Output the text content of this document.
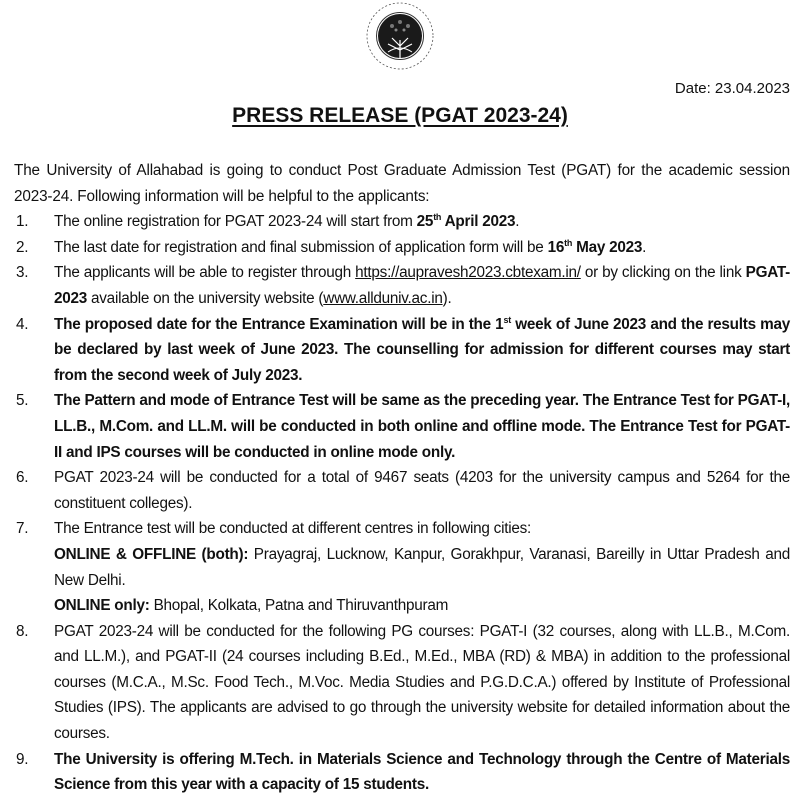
Date: 23.04.2023
PRESS RELEASE (PGAT 2023-24)

The University of Allahabad is going to conduct Post Graduate Admission Test (PGAT) for the academic session 2023-24. Following information will be helpful to the applicants:

1. The online registration for PGAT 2023-24 will start from 25th April 2023.
2. The last date for registration and final submission of application form will be 16th May 2023.
3. The applicants will be able to register through https://aupravesh2023.cbtexam.in/ or by clicking on the link PGAT- 2023 available on the university website (www.allduniv.ac.in).
4. The proposed date for the Entrance Examination will be in the 1st week of June 2023 and the results may be declared by last week of June 2023. The counselling for admission for different courses may start from the second week of July 2023.
5. The Pattern and mode of Entrance Test will be same as the preceding year. The Entrance Test for PGAT-I, LL.B., M.Com. and LL.M. will be conducted in both online and offline mode. The Entrance Test for PGAT-II and IPS courses will be conducted in online mode only.
6. PGAT 2023-24 will be conducted for a total of 9467 seats (4203 for the university campus and 5264 for the constituent colleges).
7. The Entrance test will be conducted at different centres in following cities:
ONLINE & OFFLINE (both): Prayagraj, Lucknow, Kanpur, Gorakhpur, Varanasi, Bareilly in Uttar Pradesh and New Delhi.
ONLINE only: Bhopal, Kolkata, Patna and Thiruvanthpuram
8. PGAT 2023-24 will be conducted for the following PG courses: PGAT-I (32 courses, along with LL.B., M.Com. and LL.M.), and PGAT-II (24 courses including B.Ed., M.Ed., MBA (RD) & MBA) in addition to the professional courses (M.C.A., M.Sc. Food Tech., M.Voc. Media Studies and P.G.D.C.A.) offered by Institute of Professional Studies (IPS). The applicants are advised to go through the university website for detailed information about the courses.
9. The University is offering M.Tech. in Materials Science and Technology through the Centre of Materials Science from this year with a capacity of 15 students.
